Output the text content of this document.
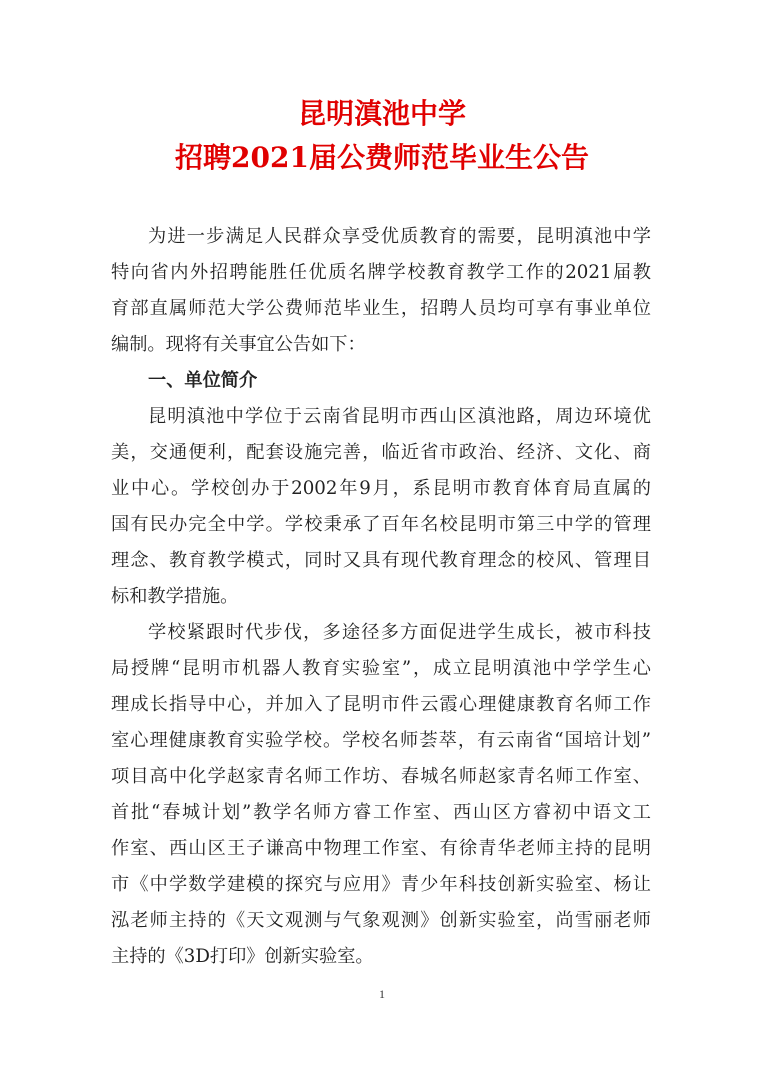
昆明滇池中学
招聘2021届公费师范毕业生公告
为进一步满足人民群众享受优质教育的需要，昆明滇池中学
特向省内外招聘能胜任优质名牌学校教育教学工作的2021届教
育部直属师范大学公费师范毕业生，招聘人员均可享有事业单位
编制。现将有关事宜公告如下：
一、单位简介
昆明滇池中学位于云南省昆明市西山区滇池路，周边环境优
美，交通便利，配套设施完善，临近省市政治、经济、文化、商
业中心。学校创办于2002年9月，系昆明市教育体育局直属的
国有民办完全中学。学校秉承了百年名校昆明市第三中学的管理
理念、教育教学模式，同时又具有现代教育理念的校风、管理目
标和教学措施。
学校紧跟时代步伐，多途径多方面促进学生成长，被市科技
局授牌“昆明市机器人教育实验室”，成立昆明滇池中学学生心
理成长指导中心，并加入了昆明市件云霞心理健康教育名师工作
室心理健康教育实验学校。学校名师荟萃，有云南省“国培计划”
项目高中化学赵家青名师工作坊、春城名师赵家青名师工作室、
首批“春城计划”教学名师方睿工作室、西山区方睿初中语文工
作室、西山区王子谦高中物理工作室、有徐青华老师主持的昆明
市《中学数学建模的探究与应用》青少年科技创新实验室、杨让
泓老师主持的《天文观测与气象观测》创新实验室，尚雪丽老师
主持的《3D打印》创新实验室。
1
